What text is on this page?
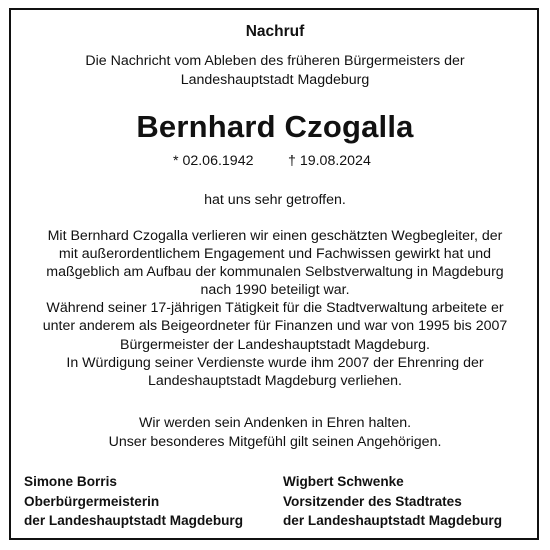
Nachruf
Die Nachricht vom Ableben des früheren Bürgermeisters der
Landeshauptstadt Magdeburg
Bernhard Czogalla
* 02.06.1942 † 19.08.2024
hat uns sehr getroffen.
Mit Bernhard Czogalla verlieren wir einen geschätzten Wegbegleiter, der
mit außerordentlichem Engagement und Fachwissen gewirkt hat und
maßgeblich am Aufbau der kommunalen Selbstverwaltung in Magdeburg
nach 1990 beteiligt war.
Während seiner 17-jährigen Tätigkeit für die Stadtverwaltung arbeitete er
unter anderem als Beigeordneter für Finanzen und war von 1995 bis 2007
Bürgermeister der Landeshauptstadt Magdeburg.
In Würdigung seiner Verdienste wurde ihm 2007 der Ehrenring der
Landeshauptstadt Magdeburg verliehen.
Wir werden sein Andenken in Ehren halten.
Unser besonderes Mitgefühl gilt seinen Angehörigen.
Simone Borris
Oberbürgermeisterin
der Landeshauptstadt Magdeburg
Wigbert Schwenke
Vorsitzender des Stadtrates
der Landeshauptstadt Magdeburg
